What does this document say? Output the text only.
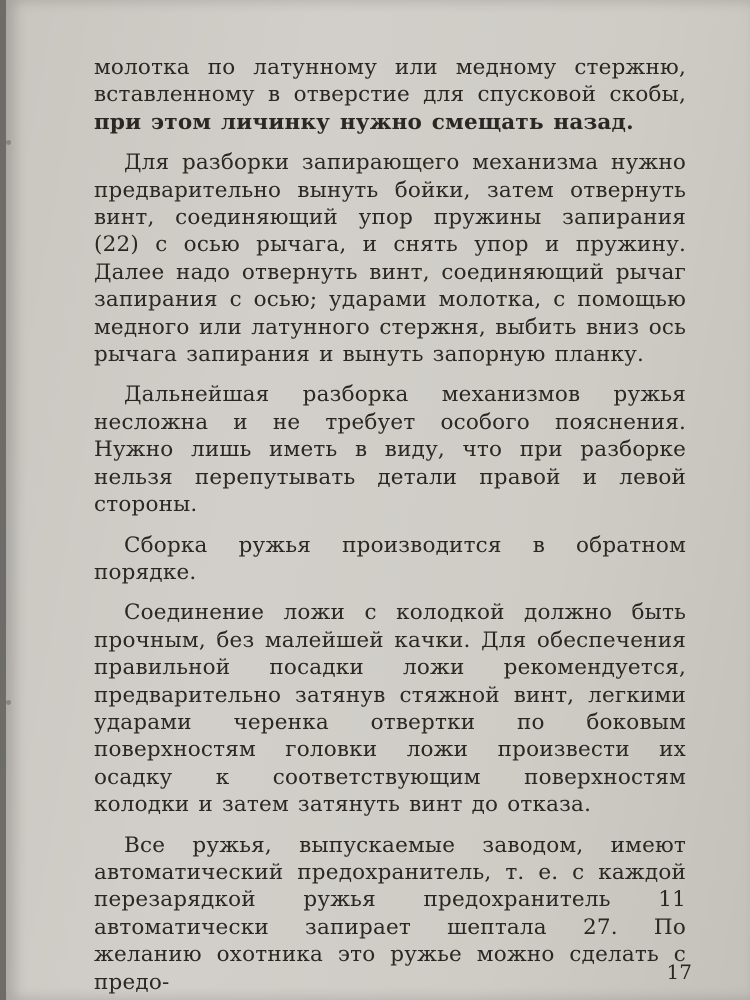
молотка по латунному или медному стержню, вставленному в отверстие для спусковой скобы, при этом личинку нужно смещать назад.

Для разборки запирающего механизма нужно предварительно вынуть бойки, затем отвернуть винт, соединяющий упор пружины запирания (22) с осью рычага, и снять упор и пружину. Далее надо отвернуть винт, соединяющий рычаг запирания с осью; ударами молотка, с помощью медного или латунного стержня, выбить вниз ось рычага запирания и вынуть запорную планку.

Дальнейшая разборка механизмов ружья несложна и не требует особого пояснения. Нужно лишь иметь в виду, что при разборке нельзя перепутывать детали правой и левой стороны.

Сборка ружья производится в обратном порядке.

Соединение ложи с колодкой должно быть прочным, без малейшей качки. Для обеспечения правильной посадки ложи рекомендуется, предварительно затянув стяжной винт, легкими ударами черенка отвертки по боковым поверхностям головки ложи произвести их осадку к соответствующим поверхностям колодки и затем затянуть винт до отказа.

Все ружья, выпускаемые заводом, имеют автоматический предохранитель, т. е. с каждой перезарядкой ружья предохранитель 11 автоматически запирает шептала 27. По желанию охотника это ружье можно сделать с предо-	17
